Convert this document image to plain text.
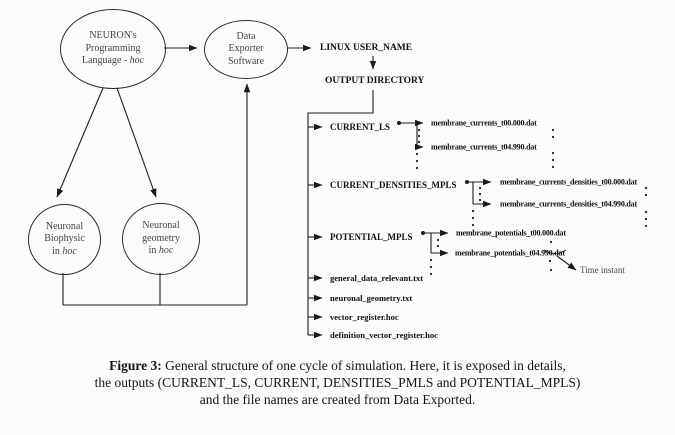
NEURON's
Programming
Language - hoc
Data
Exporter
Software
Neuronal
Biophysic
in hoc
Neuronal
geometry
in hoc
LINUX USER_NAME
OUTPUT DIRECTORY
CURRENT_LS	membrane_currents_t00.000.dat
membrane_currents_t04.990.dat
CURRENT_DENSITIES_MPLS	membrane_currents_densities_t00.000.dat
membrane_currents_densities_t04.990.dat
POTENTIAL_MPLS	membrane_potentials_t00.000.dat
membrane_potentials_t04.990.dat
general_data_relevant.txt
neuronal_geometry.txt
vector_register.hoc
definition_vector_register.hoc
Time instant
Figure 3: General structure of one cycle of simulation. Here, it is exposed in details,
the outputs (CURRENT_LS, CURRENT, DENSITIES_PMLS and POTENTIAL_MPLS)
and the file names are created from Data Exported.
